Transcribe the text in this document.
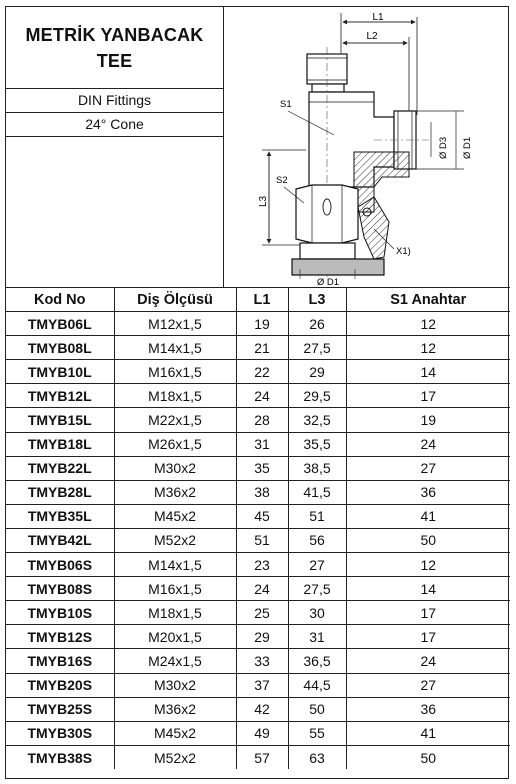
METRİK YANBACAK
TEE
DIN Fittings
24° Cone
L1
L2
Ø D3 Ø D1
S1
S2
L3
X1)
Ø D1
Kod No	Diş Ölçüsü	L1	L3	S1 Anahtar
TMYB06L	M12x1,5	19	26	12
TMYB08L	M14x1,5	21	27,5	12
TMYB10L	M16x1,5	22	29	14
TMYB12L	M18x1,5	24	29,5	17
TMYB15L	M22x1,5	28	32,5	19
TMYB18L	M26x1,5	31	35,5	24
TMYB22L	M30x2	35	38,5	27
TMYB28L	M36x2	38	41,5	36
TMYB35L	M45x2	45	51	41
TMYB42L	M52x2	51	56	50
TMYB06S	M14x1,5	23	27	12
TMYB08S	M16x1,5	24	27,5	14
TMYB10S	M18x1,5	25	30	17
TMYB12S	M20x1,5	29	31	17
TMYB16S	M24x1,5	33	36,5	24
TMYB20S	M30x2	37	44,5	27
TMYB25S	M36x2	42	50	36
TMYB30S	M45x2	49	55	41
TMYB38S	M52x2	57	63	50
